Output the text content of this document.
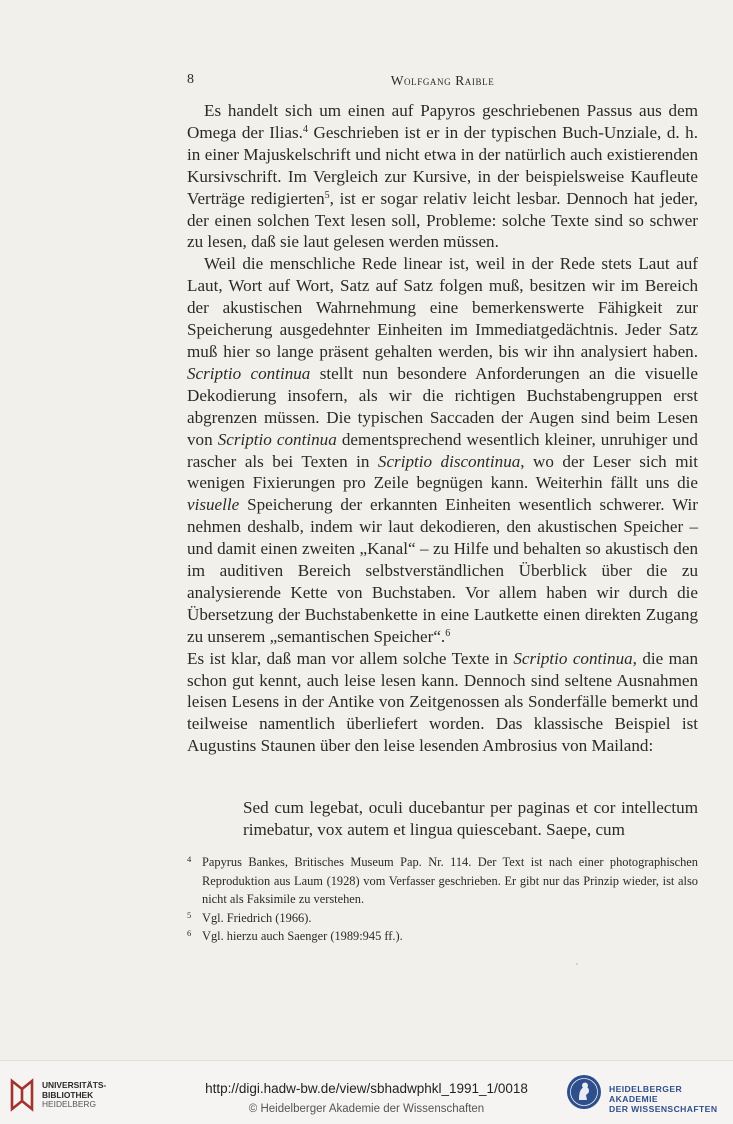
8	Wolfgang Raible

Es handelt sich um einen auf Papyros geschriebenen Passus aus dem Omega der Ilias.$^4$ Geschrieben ist er in der typischen Buch-Unziale, d. h. in einer Majuskelschrift und nicht etwa in der natürlich auch existierenden Kursivschrift. Im Vergleich zur Kursive, in der beispielsweise Kaufleute Verträge redigierten$^5$, ist er sogar relativ leicht lesbar. Dennoch hat jeder, der einen solchen Text lesen soll, Probleme: solche Texte sind so schwer zu lesen, daß sie laut gelesen werden müssen.

Weil die menschliche Rede linear ist, weil in der Rede stets Laut auf Laut, Wort auf Wort, Satz auf Satz folgen muß, besitzen wir im Bereich der akustischen Wahrnehmung eine bemerkenswerte Fähigkeit zur Speicherung ausgedehnter Einheiten im Immediatgedächtnis. Jeder Satz muß hier so lange präsent gehalten werden, bis wir ihn analysiert haben. Scriptio continua stellt nun besondere Anforderungen an die visuelle Dekodierung insofern, als wir die richtigen Buchstabengruppen erst abgrenzen müssen. Die typischen Saccaden der Augen sind beim Lesen von Scriptio continua dementsprechend wesentlich kleiner, unruhiger und rascher als bei Texten in Scriptio discontinua, wo der Leser sich mit wenigen Fixierungen pro Zeile begnügen kann. Weiterhin fällt uns die visuelle Speicherung der erkannten Einheiten wesentlich schwerer. Wir nehmen deshalb, indem wir laut dekodieren, den akustischen Speicher – und damit einen zweiten „Kanal“ – zu Hilfe und behalten so akustisch den im auditiven Bereich selbstverständlichen Überblick über die zu analysierende Kette von Buchstaben. Vor allem haben wir durch die Übersetzung der Buchstabenkette in eine Lautkette einen direkten Zugang zu unserem „semantischen Speicher“.$^6$

Es ist klar, daß man vor allem solche Texte in Scriptio continua, die man schon gut kennt, auch leise lesen kann. Dennoch sind seltene Ausnahmen leisen Lesens in der Antike von Zeitgenossen als Sonderfälle bemerkt und teilweise namentlich überliefert worden. Das klassische Beispiel ist Augustins Staunen über den leise lesenden Ambrosius von Mailand:

Sed cum legebat, oculi ducebantur per paginas et cor intellectum rimebatur, vox autem et lingua quiescebant. Saepe, cum
4 Papyrus Bankes, Britisches Museum Pap. Nr. 114. Der Text ist nach einer photographischen Reproduktion aus Laum (1928) vom Verfasser geschrieben. Er gibt nur das Prinzip wieder, ist also nicht als Faksimile zu verstehen.
5 Vgl. Friedrich (1966).
6 Vgl. hierzu auch Saenger (1989:945 ff.).
UNIVERSITÄTS-
BIBLIOTHEK
HEIDELBERG
http://digi.hadw-bw.de/view/sbhadwphkl_1991_1/0018
© Heidelberger Akademie der Wissenschaften
HEIDELBERGER AKADEMIE
DER WISSENSCHAFTEN
